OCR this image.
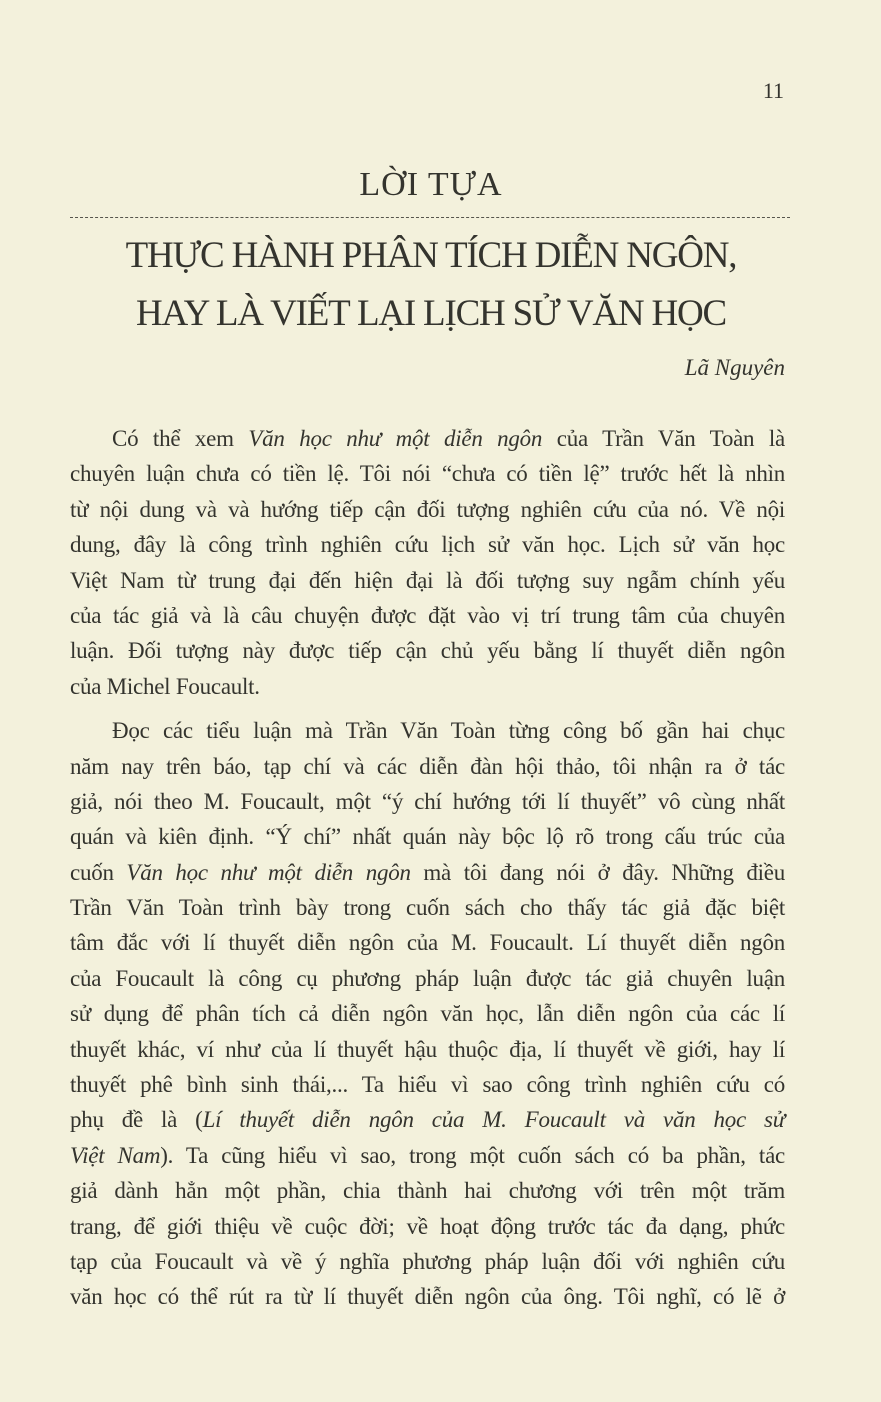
11
LỜI TỰA
THỰC HÀNH PHÂN TÍCH DIỄN NGÔN,
HAY LÀ VIẾT LẠI LỊCH SỬ VĂN HỌC
Lã Nguyên
Có thể xem Văn học như một diễn ngôn của Trần Văn Toàn là
chuyên luận chưa có tiền lệ. Tôi nói “chưa có tiền lệ” trước hết là nhìn
từ nội dung và và hướng tiếp cận đối tượng nghiên cứu của nó. Về nội
dung, đây là công trình nghiên cứu lịch sử văn học. Lịch sử văn học
Việt Nam từ trung đại đến hiện đại là đối tượng suy ngẫm chính yếu
của tác giả và là câu chuyện được đặt vào vị trí trung tâm của chuyên
luận. Đối tượng này được tiếp cận chủ yếu bằng lí thuyết diễn ngôn
của Michel Foucault.
Đọc các tiểu luận mà Trần Văn Toàn từng công bố gần hai chục
năm nay trên báo, tạp chí và các diễn đàn hội thảo, tôi nhận ra ở tác
giả, nói theo M. Foucault, một “ý chí hướng tới lí thuyết” vô cùng nhất
quán và kiên định. “Ý chí” nhất quán này bộc lộ rõ trong cấu trúc của
cuốn Văn học như một diễn ngôn mà tôi đang nói ở đây. Những điều
Trần Văn Toàn trình bày trong cuốn sách cho thấy tác giả đặc biệt
tâm đắc với lí thuyết diễn ngôn của M. Foucault. Lí thuyết diễn ngôn
của Foucault là công cụ phương pháp luận được tác giả chuyên luận
sử dụng để phân tích cả diễn ngôn văn học, lẫn diễn ngôn của các lí
thuyết khác, ví như của lí thuyết hậu thuộc địa, lí thuyết về giới, hay lí
thuyết phê bình sinh thái,... Ta hiểu vì sao công trình nghiên cứu có
phụ đề là (Lí thuyết diễn ngôn của M. Foucault và văn học sử
Việt Nam). Ta cũng hiểu vì sao, trong một cuốn sách có ba phần, tác
giả dành hẳn một phần, chia thành hai chương với trên một trăm
trang, để giới thiệu về cuộc đời; về hoạt động trước tác đa dạng, phức
tạp của Foucault và về ý nghĩa phương pháp luận đối với nghiên cứu
văn học có thể rút ra từ lí thuyết diễn ngôn của ông. Tôi nghĩ, có lẽ ở
